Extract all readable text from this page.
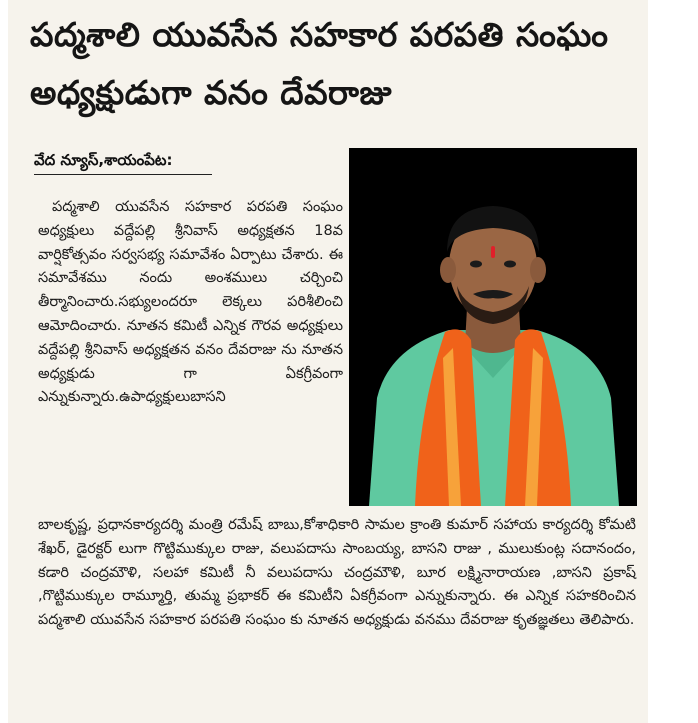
పద్మశాలి యువసేన సహకార పరపతి సంఘం అధ్యక్షుడుగా వనం దేవరాజు
వేద న్యూస్,శాయంపేట:

పద్మశాలి యువసేన సహకార పరపతి సంఘం అధ్యక్షులు వద్దేపల్లి శ్రీనివాస్ అధ్యక్షతన 18వ వార్షికోత్సవం సర్వసభ్య సమావేశం ఏర్పాటు చేశారు. ఈ సమావేశము నందు అంశములు చర్చించి తీర్మానించారు.సభ్యులందరూ లెక్కలు పరిశీలించి ఆమోదించారు. నూతన కమిటీ ఎన్నిక గౌరవ అధ్యక్షులు వద్దేపల్లి శ్రీనివాస్ అధ్యక్షతన వనం దేవరాజు ను నూతన అధ్యక్షుడు గా ఏకగ్రీవంగా ఎన్నుకున్నారు.ఉపాధ్యక్షులుబాసని

బాలకృష్ణ, ప్రధానకార్యదర్శి మంత్రి రమేష్ బాబు,కోశాధికారి సామల క్రాంతి కుమార్ సహాయ కార్యదర్శి కోమటి శేఖర్, డైరక్టర్ లుగా గొట్టిముక్కుల రాజు, వలుపదాసు సాంబయ్య, బాసని రాజు , ములుకుంట్ల సదానందం, కడారి చంద్రమౌళి, సలహా కమిటీ నీ వలుపదాసు చంద్రమౌళి, బూర లక్ష్మినారాయణ ,బాసని ప్రకాష్ ,గొట్టిముక్కుల రామ్మూర్తి, తుమ్మ ప్రభాకర్ ఈ కమిటీని ఏకగ్రీవంగా ఎన్నుకున్నారు. ఈ ఎన్నిక సహకరించిన పద్మశాలి యువసేన సహకార పరపతి సంఘం కు నూతన అధ్యక్షుడు వనము దేవరాజు కృతజ్ఞతలు తెలిపారు.
